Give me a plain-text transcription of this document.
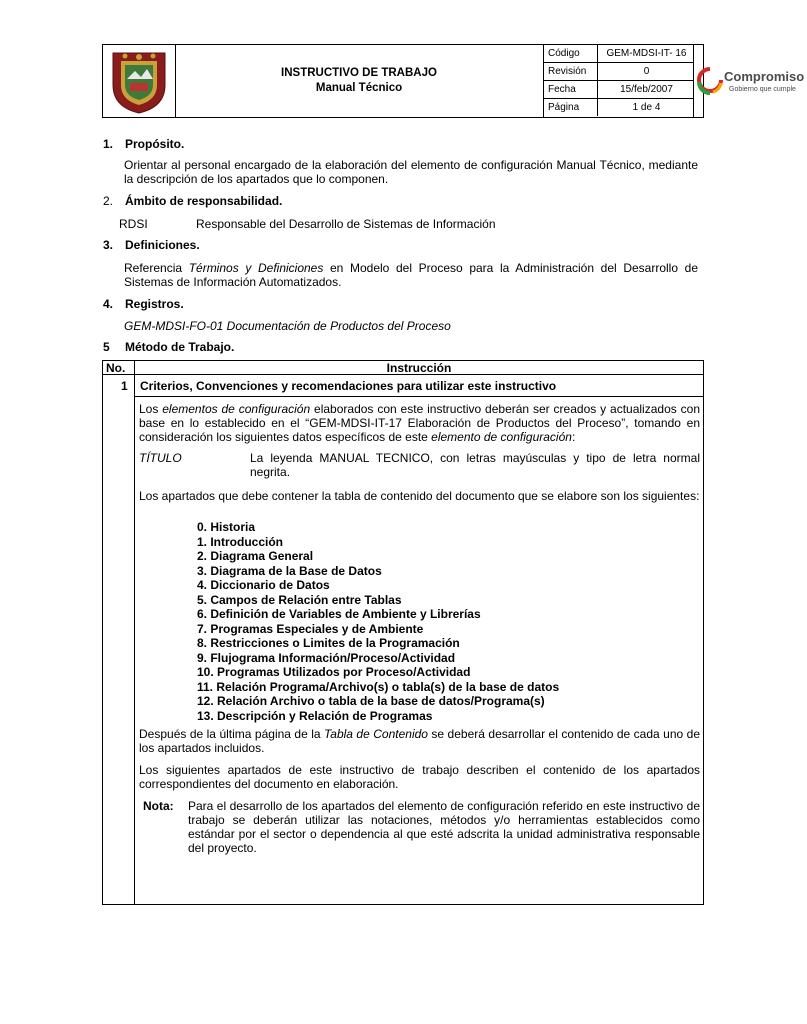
INSTRUCTIVO DE TRABAJO
Manual Técnico
Código	GEM-MDSI-IT- 16
Revisión	0
Fecha	15/feb/2007
Página	1 de 4
Compromiso
Gobierno que cumple
1. Propósito.
Orientar al personal encargado de la elaboración del elemento de configuración Manual Técnico, mediante la descripción de los apartados que lo componen.
2. Ámbito de responsabilidad.
RDSI	Responsable del Desarrollo de Sistemas de Información
3. Definiciones.
Referencia Términos y Definiciones en Modelo del Proceso para la Administración del Desarrollo de Sistemas de Información Automatizados.
4. Registros.
GEM-MDSI-FO-01 Documentación de Productos del Proceso
5 Método de Trabajo.
No.	Instrucción
1 Criterios, Convenciones y recomendaciones para utilizar este instructivo
Los elementos de configuración elaborados con este instructivo deberán ser creados y actualizados con base en lo establecido en el “GEM-MDSI-IT-17 Elaboración de Productos del Proceso”, tomando en consideración los siguientes datos específicos de este elemento de configuración:
TÍTULO	La leyenda MANUAL TECNICO, con letras mayúsculas y tipo de letra normal negrita.
Los apartados que debe contener la tabla de contenido del documento que se elabore son los siguientes:
0. Historia
1. Introducción
2. Diagrama General
3. Diagrama de la Base de Datos
4. Diccionario de Datos
5. Campos de Relación entre Tablas
6. Definición de Variables de Ambiente y Librerías
7. Programas Especiales y de Ambiente
8. Restricciones o Limites de la Programación
9. Flujograma Información/Proceso/Actividad
10. Programas Utilizados por Proceso/Actividad
11. Relación Programa/Archivo(s) o tabla(s) de la base de datos
12. Relación Archivo o tabla de la base de datos/Programa(s)
13. Descripción y Relación de Programas
Después de la última página de la Tabla de Contenido se deberá desarrollar el contenido de cada uno de los apartados incluidos.
Los siguientes apartados de este instructivo de trabajo describen el contenido de los apartados correspondientes del documento en elaboración.
Nota: Para el desarrollo de los apartados del elemento de configuración referido en este instructivo de trabajo se deberán utilizar las notaciones, métodos y/o herramientas establecidos como estándar por el sector o dependencia al que esté adscrita la unidad administrativa responsable del proyecto.
